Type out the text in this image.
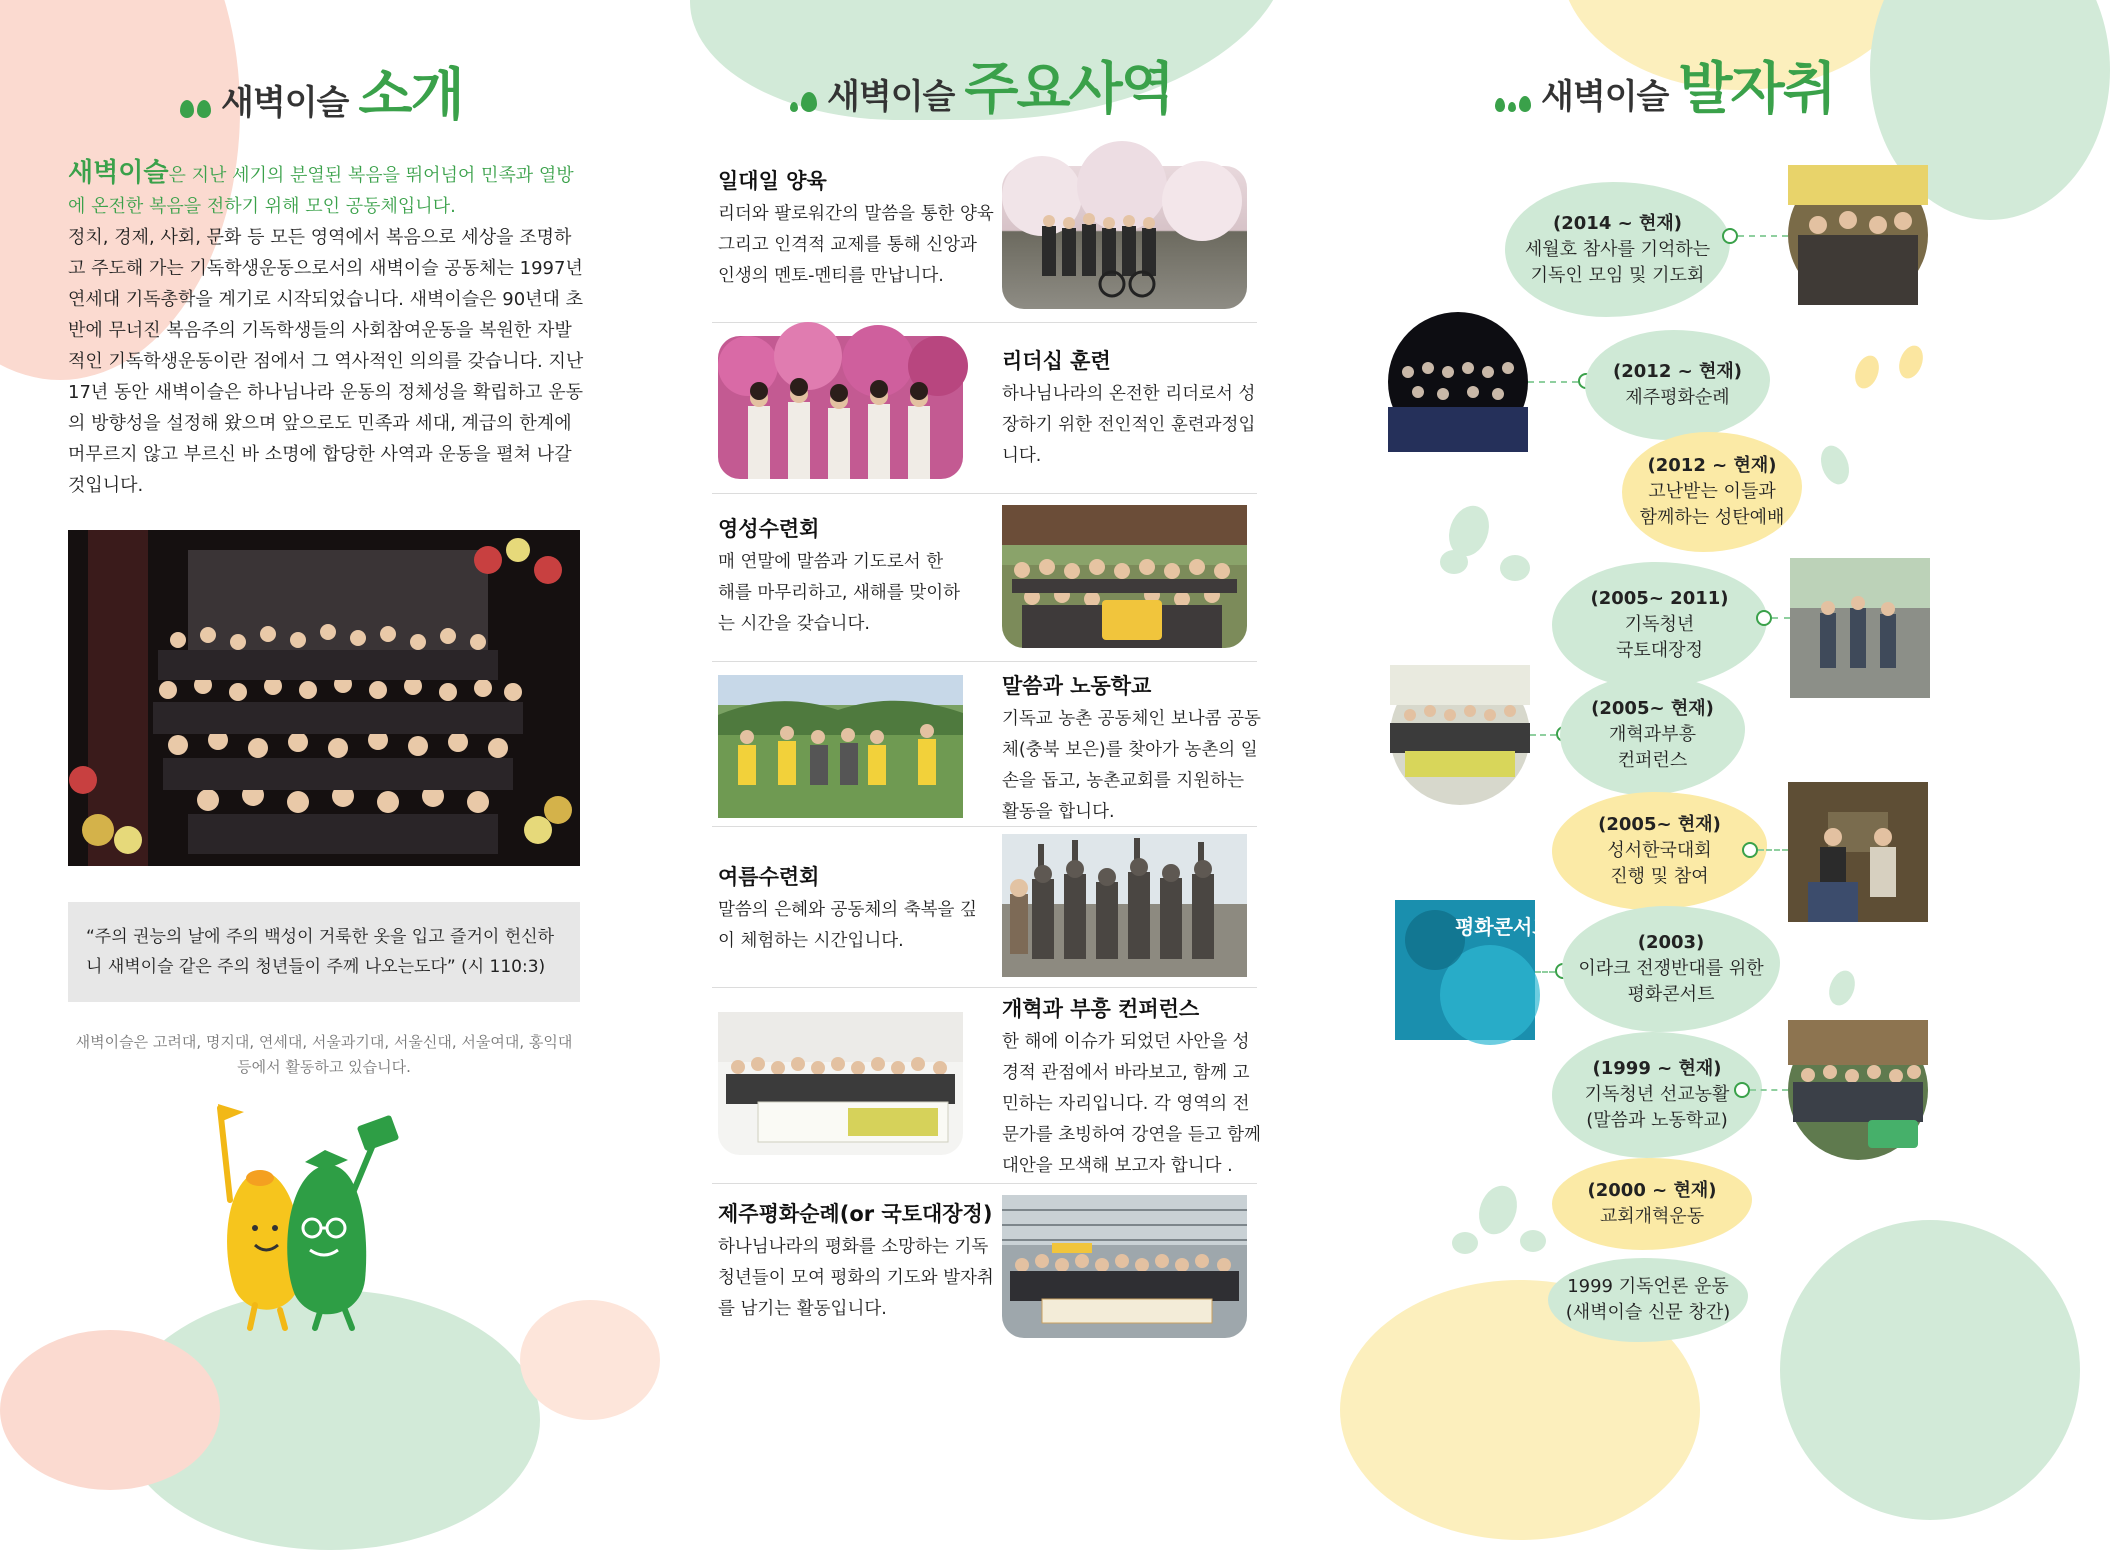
새벽이슬 소개
새벽이슬은 지난 세기의 분열된 복음을 뛰어넘어 민족과 열방에 온전한 복음을 전하기 위해 모인 공동체입니다.
정치, 경제, 사회, 문화 등 모든 영역에서 복음으로 세상을 조명하고 주도해 가는 기독학생운동으로서의 새벽이슬 공동체는 1997년 연세대 기독총학을 계기로 시작되었습니다. 새벽이슬은 90년대 초반에 무너진 복음주의 기독학생들의 사회참여운동을 복원한 자발적인 기독학생운동이란 점에서 그 역사적인 의의를 갖습니다. 지난 17년 동안 새벽이슬은 하나님나라 운동의 정체성을 확립하고 운동의 방향성을 설정해 왔으며 앞으로도 민족과 세대, 계급의 한계에 머무르지 않고 부르신 바 소명에 합당한 사역과 운동을 펼쳐 나갈 것입니다.
“주의 권능의 날에 주의 백성이 거룩한 옷을 입고 즐거이 헌신하니 새벽이슬 같은 주의 청년들이 주께 나오는도다” (시 110:3)
새벽이슬은 고려대, 명지대, 연세대, 서울과기대, 서울신대, 서울여대, 홍익대 등에서 활동하고 있습니다.
새벽이슬 주요사역
일대일 양육
리더와 팔로워간의 말씀을 통한 양육 그리고 인격적 교제를 통해 신앙과 인생의 멘토-멘티를 만납니다.
리더십 훈련
하나님나라의 온전한 리더로서 성장하기 위한 전인적인 훈련과정입니다.
영성수련회
매 연말에 말씀과 기도로서 한 해를 마무리하고, 새해를 맞이하는 시간을 갖습니다.
말씀과 노동학교
기독교 농촌 공동체인 보나콤 공동체(충북 보은)를 찾아가 농촌의 일손을 돕고, 농촌교회를 지원하는 활동을 합니다.
여름수련회
말씀의 은혜와 공동체의 축복을 깊이 체험하는 시간입니다.
개혁과 부흥 컨퍼런스
한 해에 이슈가 되었던 사안을 성경적 관점에서 바라보고, 함께 고민하는 자리입니다. 각 영역의 전문가를 초빙하여 강연을 듣고 함께 대안을 모색해 보고자 합니다 .
제주평화순례(or 국토대장정)
하나님나라의 평화를 소망하는 기독청년들이 모여 평화의 기도와 발자취를 남기는 활동입니다.
새벽이슬 발자취
(2014 ~ 현재)
세월호 참사를 기억하는
기독인 모임 및 기도회
(2012 ~ 현재)
제주평화순례
(2012 ~ 현재)
고난받는 이들과
함께하는 성탄예배
(2005~ 2011)
기독청년
국토대장정
(2005~ 현재)
개혁과부흥
컨퍼런스
(2005~ 현재)
성서한국대회
진행 및 참여
평화콘서트
(2003)
이라크 전쟁반대를 위한
평화콘서트
(1999 ~ 현재)
기독청년 선교농활
(말씀과 노동학교)
(2000 ~ 현재)
교회개혁운동
1999 기독언론 운동
(새벽이슬 신문 창간)
